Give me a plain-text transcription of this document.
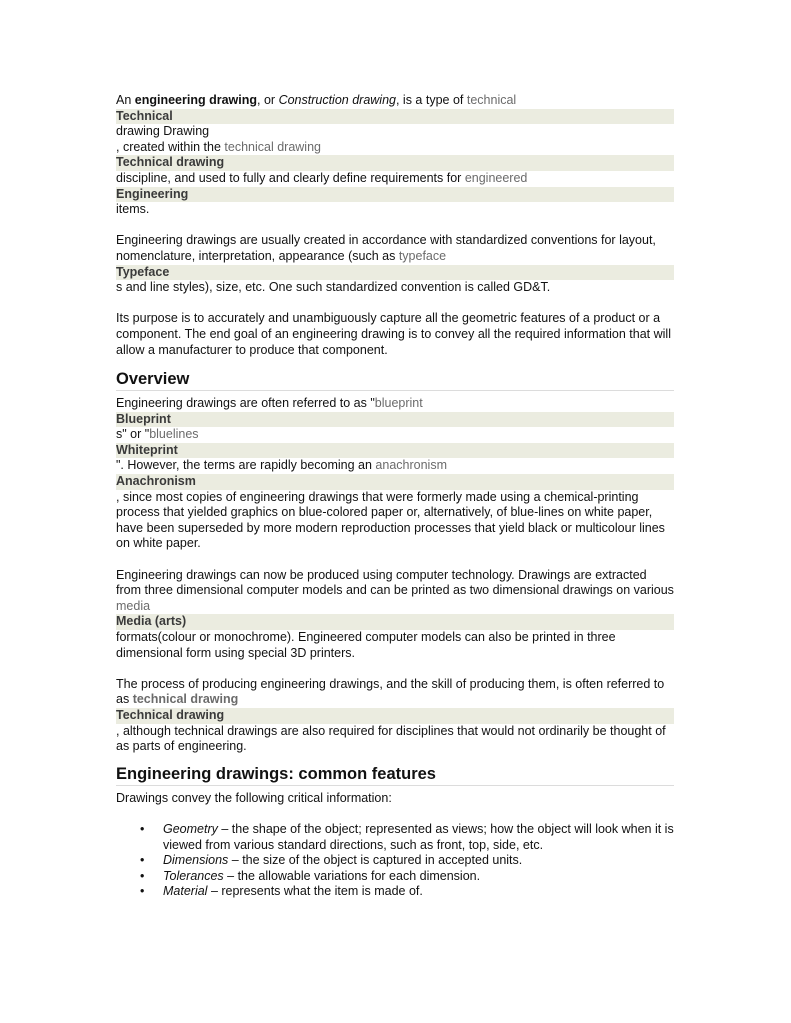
An engineering drawing, or Construction drawing, is a type of technical

Technical

drawing Drawing

, created within the technical drawing

Technical drawing

discipline, and used to fully and clearly define requirements for engineered

Engineering

items.

Engineering drawings are usually created in accordance with standardized conventions for layout, nomenclature, interpretation, appearance (such as typeface

Typeface

s and line styles), size, etc. One such standardized convention is called GD&T.

Its purpose is to accurately and unambiguously capture all the geometric features of a product or a component. The end goal of an engineering drawing is to convey all the required information that will allow a manufacturer to produce that component.

Overview

Engineering drawings are often referred to as "blueprint

Blueprint

s" or "bluelines

Whiteprint

". However, the terms are rapidly becoming an anachronism

Anachronism

, since most copies of engineering drawings that were formerly made using a chemical-printing process that yielded graphics on blue-colored paper or, alternatively, of blue-lines on white paper, have been superseded by more modern reproduction processes that yield black or multicolour lines on white paper.

Engineering drawings can now be produced using computer technology. Drawings are extracted from three dimensional computer models and can be printed as two dimensional drawings on various media

Media (arts)

formats(colour or monochrome). Engineered computer models can also be printed in three dimensional form using special 3D printers.

The process of producing engineering drawings, and the skill of producing them, is often referred to as technical drawing

Technical drawing

, although technical drawings are also required for disciplines that would not ordinarily be thought of as parts of engineering.

Engineering drawings: common features

Drawings convey the following critical information:

• Geometry – the shape of the object; represented as views; how the object will look when it is viewed from various standard directions, such as front, top, side, etc.
• Dimensions – the size of the object is captured in accepted units.
• Tolerances – the allowable variations for each dimension.
• Material – represents what the item is made of.
